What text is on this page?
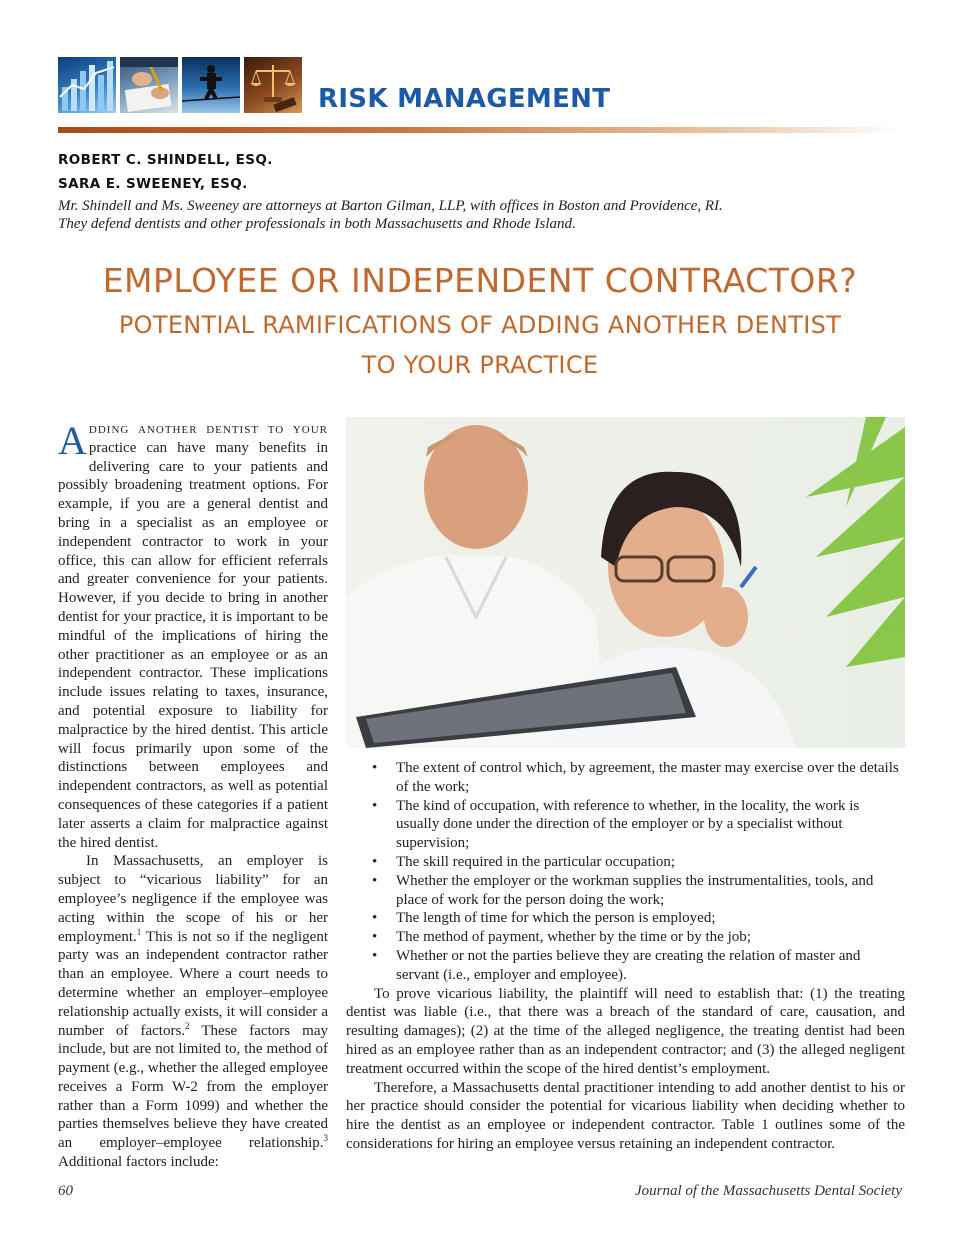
RISK MANAGEMENT
ROBERT C. SHINDELL, ESQ.
SARA E. SWEENEY, ESQ.
Mr. Shindell and Ms. Sweeney are attorneys at Barton Gilman, LLP, with offices in Boston and Providence, RI.
They defend dentists and other professionals in both Massachusetts and Rhode Island.
EMPLOYEE OR INDEPENDENT CONTRACTOR?
POTENTIAL RAMIFICATIONS OF ADDING ANOTHER DENTIST
TO YOUR PRACTICE

Adding another dentist to your practice can have many benefits in delivering care to your patients and possibly broadening treatment options. For example, if you are a general dentist and bring in a specialist as an employee or independent contractor to work in your office, this can allow for efficient referrals and greater convenience for your patients. However, if you decide to bring in another dentist for your practice, it is important to be mindful of the implications of hiring the other practitioner as an employee or as an independent contractor. These implications include issues relating to taxes, insurance, and potential exposure to liability for malpractice by the hired dentist. This article will focus primarily upon some of the distinctions between employees and independent contractors, as well as potential consequences of these categories if a patient later asserts a claim for malpractice against the hired dentist.

In Massachusetts, an employer is subject to “vicarious liability” for an employee’s negligence if the employee was acting within the scope of his or her employment.$^1$ This is not so if the negligent party was an independent contractor rather than an employee. Where a court needs to determine whether an employer–employee relationship actually exists, it will consider a number of factors.$^2$ These factors may include, but are not limited to, the method of payment (e.g., whether the alleged employee receives a Form W-2 from the employer rather than a Form 1099) and whether the parties themselves believe they have created an employer–employee relationship.$^3$ Additional factors include:

• The extent of control which, by agreement, the master may exercise over the details of the work;
• The kind of occupation, with reference to whether, in the locality, the work is usually done under the direction of the employer or by a specialist without supervision;
• The skill required in the particular occupation;
• Whether the employer or the workman supplies the instrumentalities, tools, and place of work for the person doing the work;
• The length of time for which the person is employed;
• The method of payment, whether by the time or by the job;
• Whether or not the parties believe they are creating the relation of master and servant (i.e., employer and employee).

To prove vicarious liability, the plaintiff will need to establish that: (1) the treating dentist was liable (i.e., that there was a breach of the standard of care, causation, and resulting damages); (2) at the time of the alleged negligence, the treating dentist had been hired as an employee rather than as an independent contractor; and (3) the alleged negligent treatment occurred within the scope of the hired dentist’s employment.

Therefore, a Massachusetts dental practitioner intending to add another dentist to his or her practice should consider the potential for vicarious liability when deciding whether to hire the dentist as an employee or independent contractor. Table 1 outlines some of the considerations for hiring an employee versus retaining an independent contractor.

60	Journal of the Massachusetts Dental Society
